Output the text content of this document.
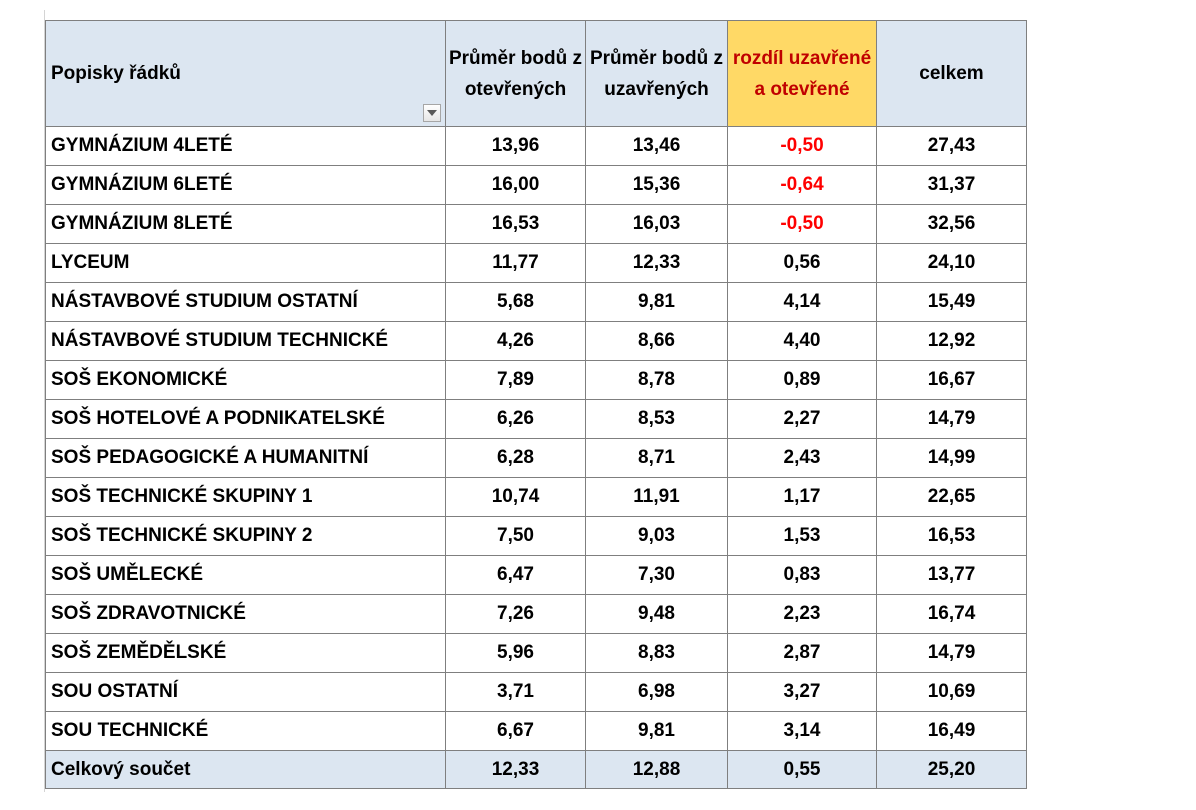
Popisky řádků	Průměr bodů z otevřených	Průměr bodů z uzavřených	rozdíl uzavřené a otevřené	celkem
GYMNÁZIUM 4LETÉ	13,96	13,46	-0,50	27,43
GYMNÁZIUM 6LETÉ	16,00	15,36	-0,64	31,37
GYMNÁZIUM 8LETÉ	16,53	16,03	-0,50	32,56
LYCEUM	11,77	12,33	0,56	24,10
NÁSTAVBOVÉ STUDIUM OSTATNÍ	5,68	9,81	4,14	15,49
NÁSTAVBOVÉ STUDIUM TECHNICKÉ	4,26	8,66	4,40	12,92
SOŠ EKONOMICKÉ	7,89	8,78	0,89	16,67
SOŠ HOTELOVÉ A PODNIKATELSKÉ	6,26	8,53	2,27	14,79
SOŠ PEDAGOGICKÉ A HUMANITNÍ	6,28	8,71	2,43	14,99
SOŠ TECHNICKÉ SKUPINY 1	10,74	11,91	1,17	22,65
SOŠ TECHNICKÉ SKUPINY 2	7,50	9,03	1,53	16,53
SOŠ UMĚLECKÉ	6,47	7,30	0,83	13,77
SOŠ ZDRAVOTNICKÉ	7,26	9,48	2,23	16,74
SOŠ ZEMĚDĚLSKÉ	5,96	8,83	2,87	14,79
SOU OSTATNÍ	3,71	6,98	3,27	10,69
SOU TECHNICKÉ	6,67	9,81	3,14	16,49
Celkový součet	12,33	12,88	0,55	25,20
